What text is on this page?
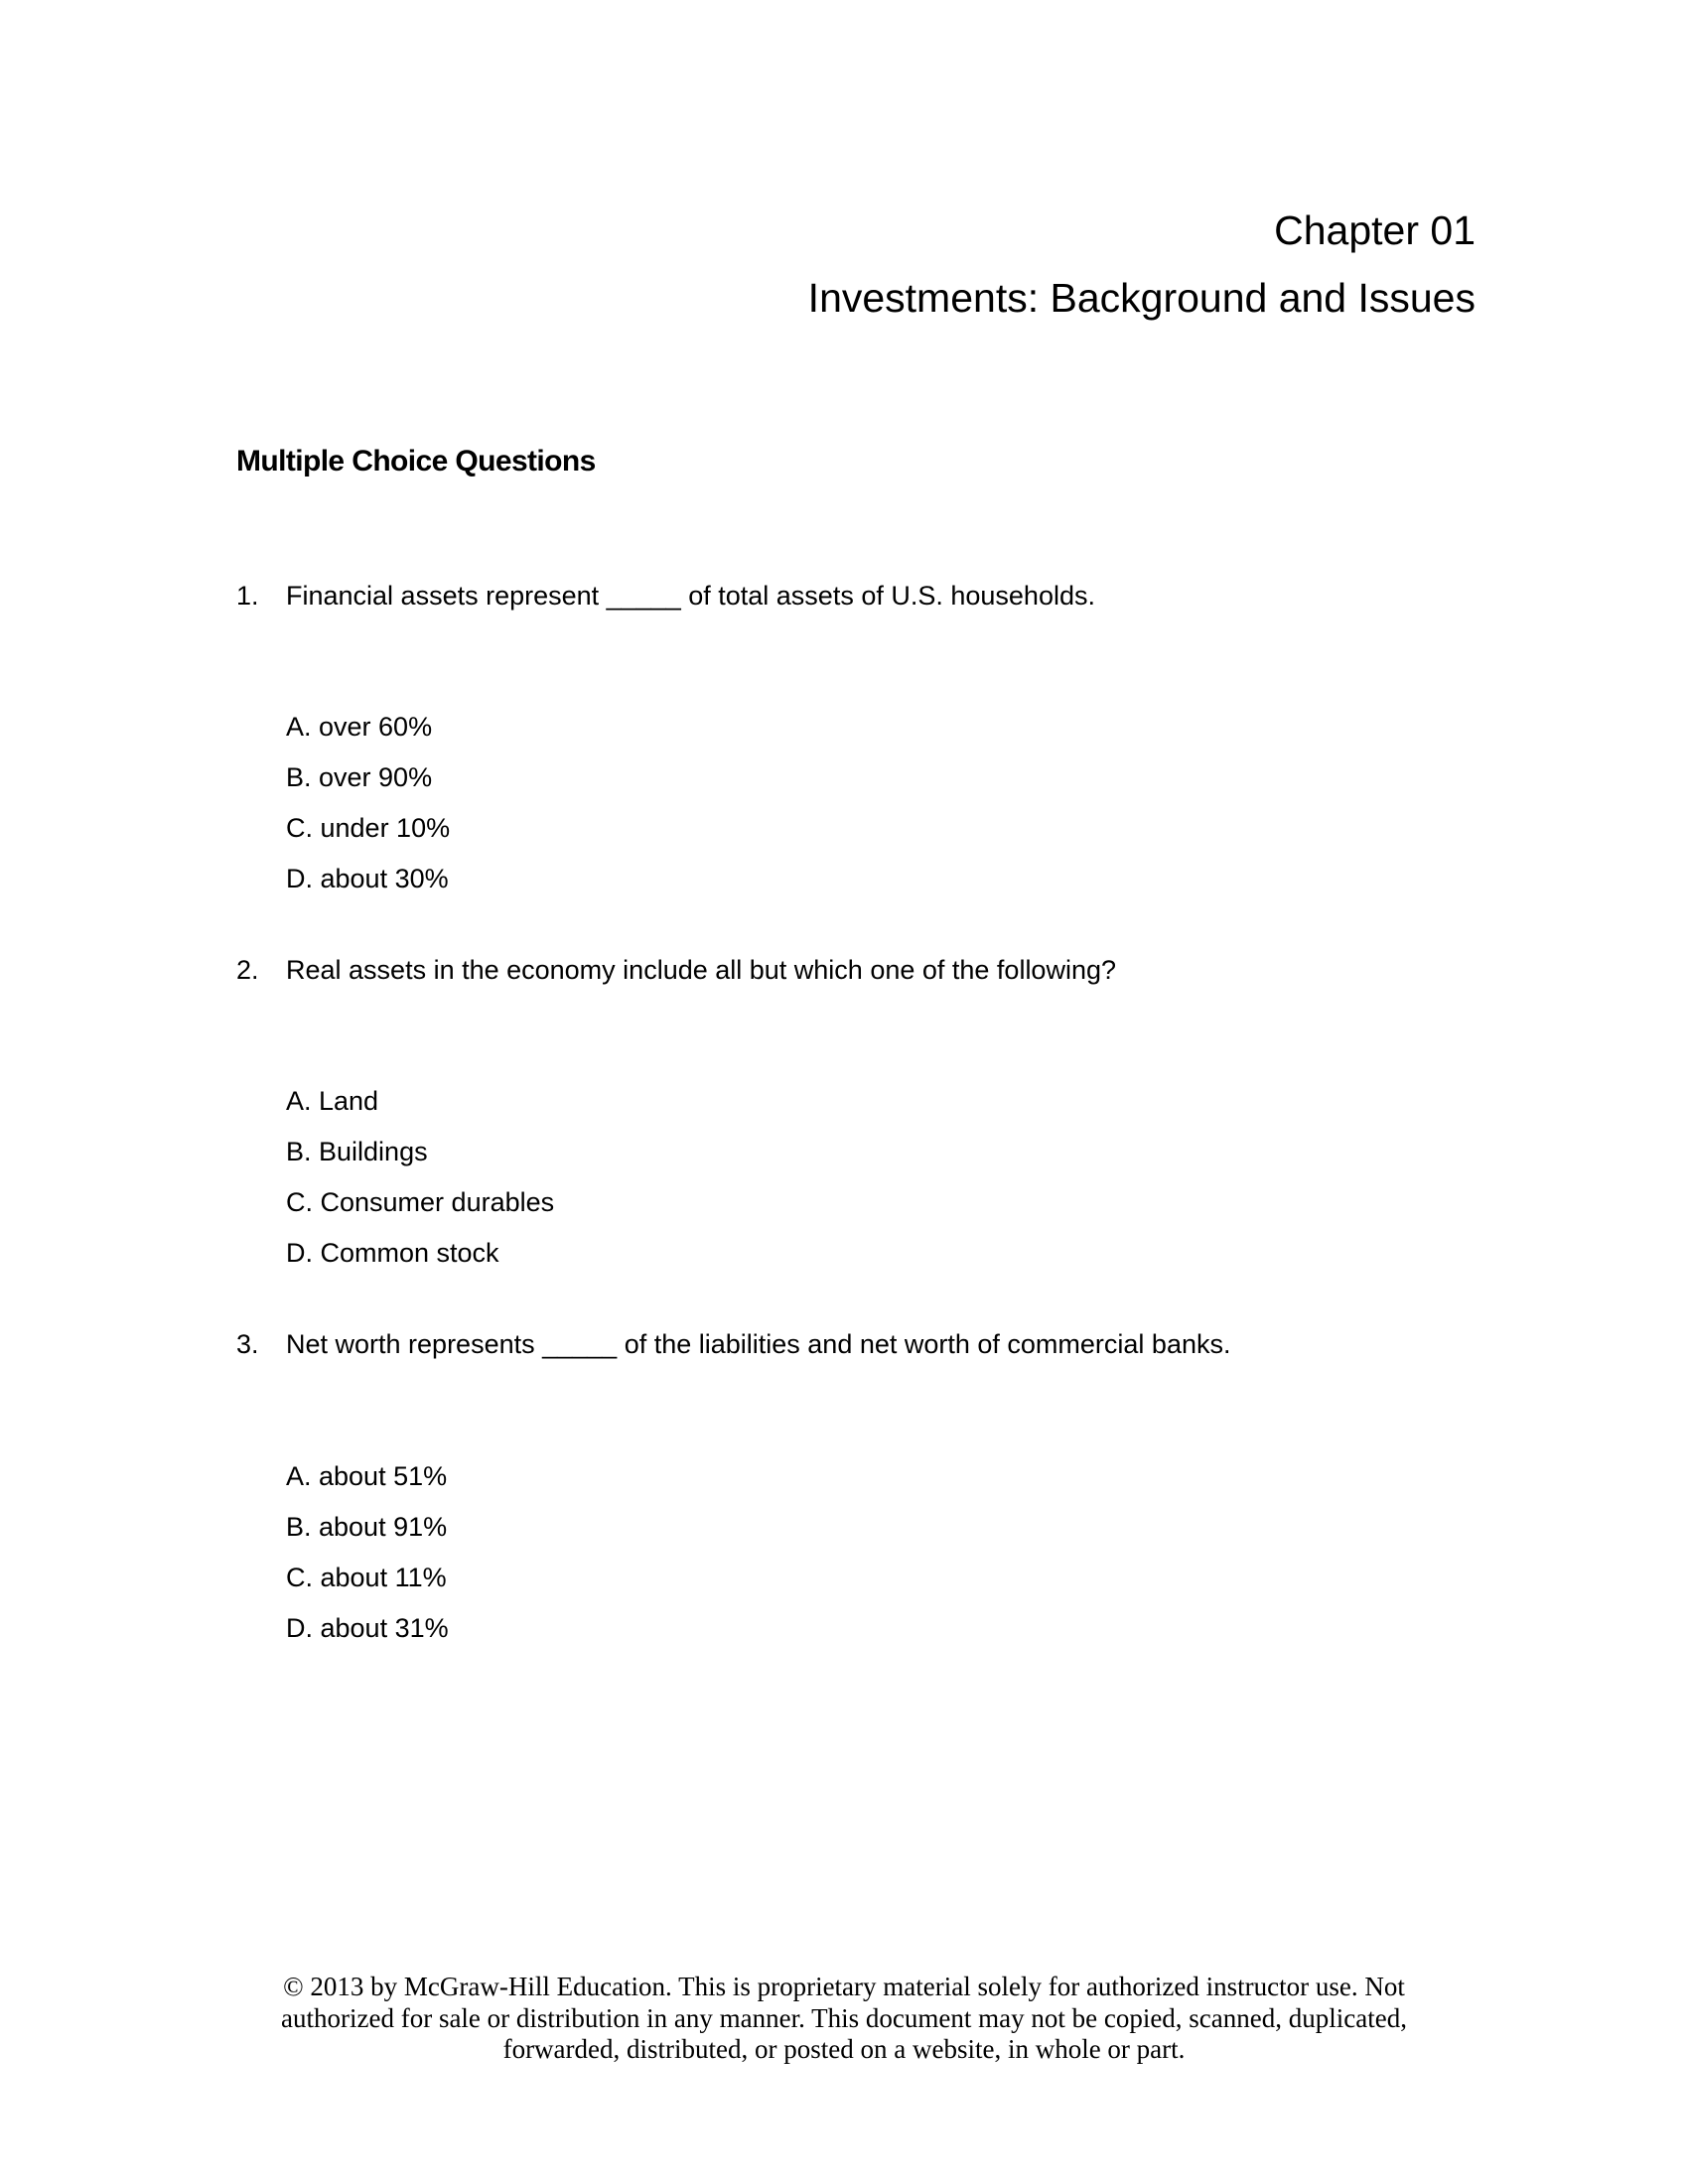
Chapter 01
Investments: Background and Issues
Multiple Choice Questions
1. Financial assets represent _____ of total assets of U.S. households.
A. over 60%
B. over 90%
C. under 10%
D. about 30%
2. Real assets in the economy include all but which one of the following?
A. Land
B. Buildings
C. Consumer durables
D. Common stock
3. Net worth represents _____ of the liabilities and net worth of commercial banks.
A. about 51%
B. about 91%
C. about 11%
D. about 31%
© 2013 by McGraw-Hill Education. This is proprietary material solely for authorized instructor use. Not
authorized for sale or distribution in any manner. This document may not be copied, scanned, duplicated,
forwarded, distributed, or posted on a website, in whole or part.
